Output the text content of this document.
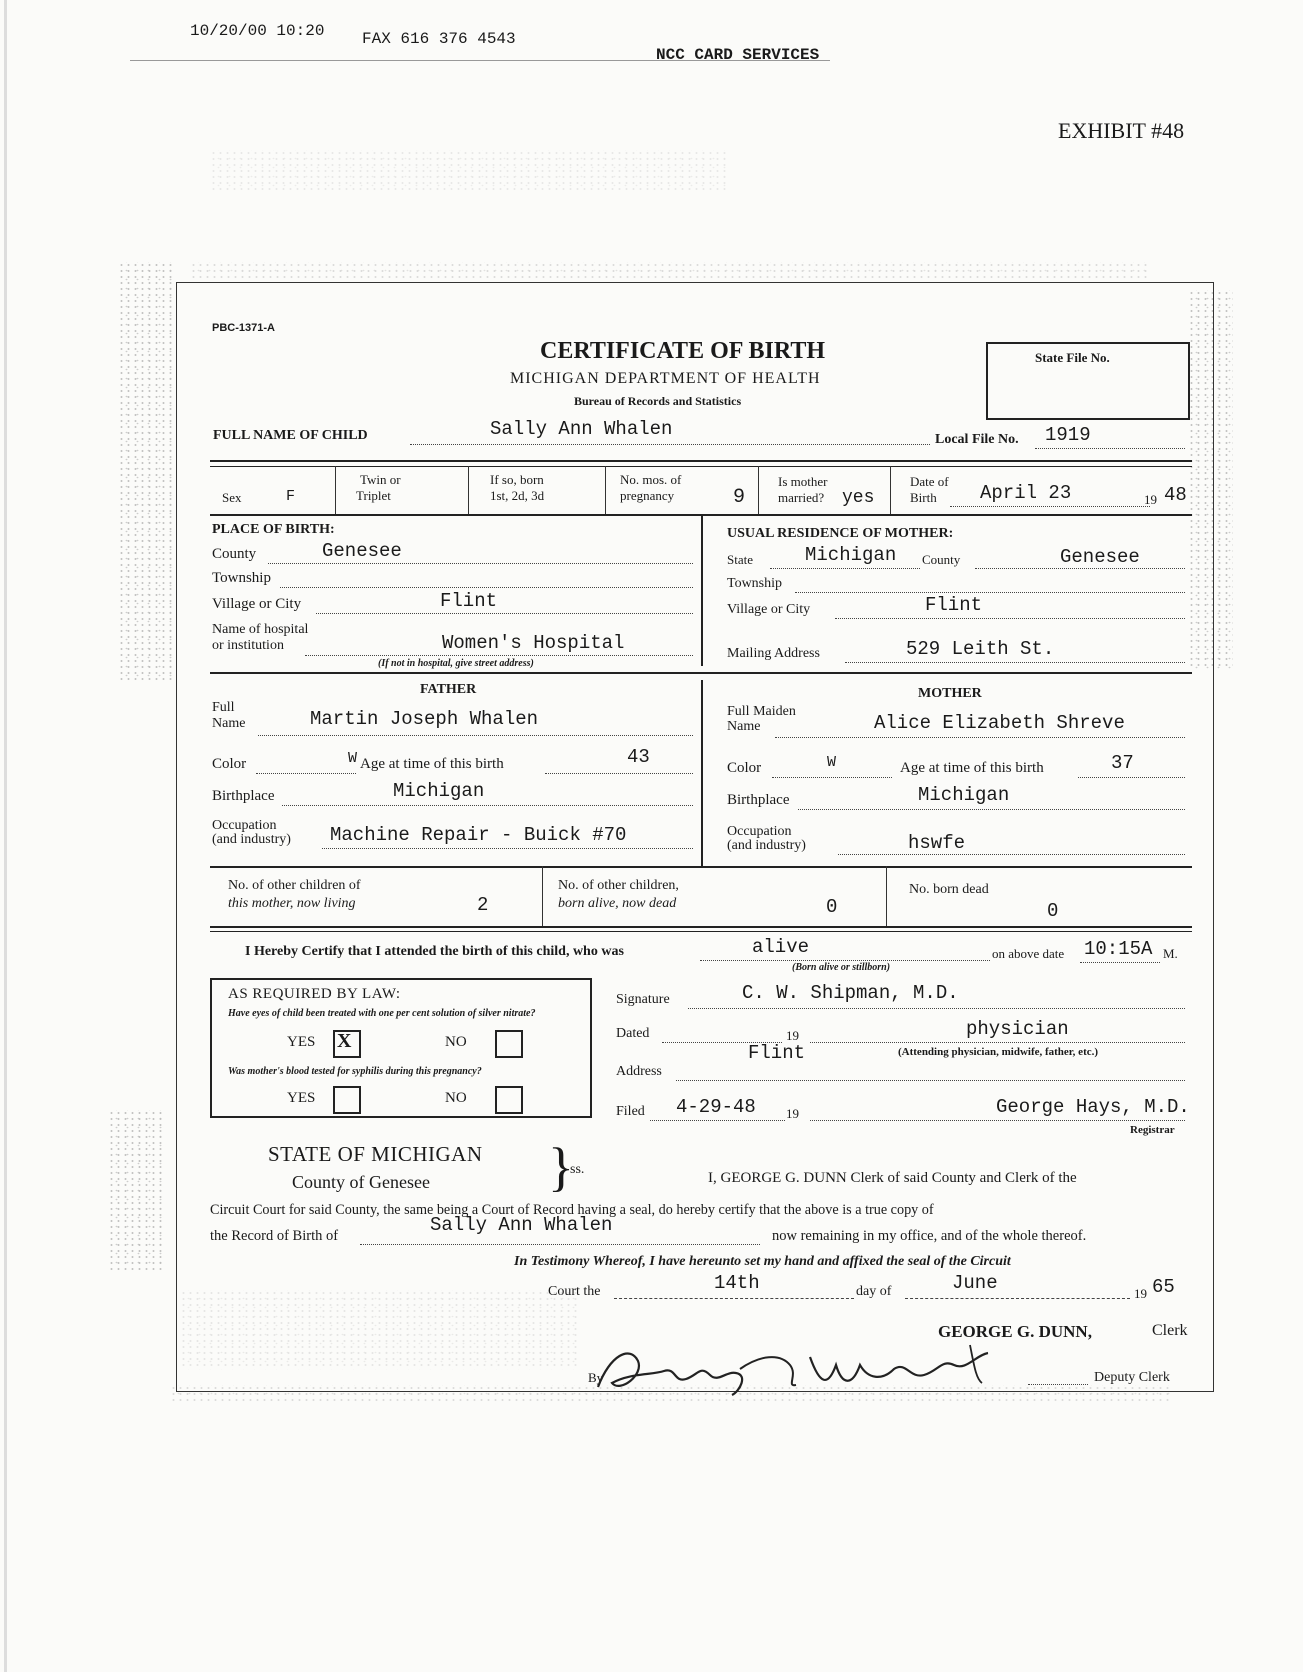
10/20/00 10:20 FAX 616 376 4543
NCC CARD SERVICES
EXHIBIT #48
PBC-1371-A
CERTIFICATE OF BIRTH
MICHIGAN DEPARTMENT OF HEALTH
Bureau of Records and Statistics
State File No.
FULL NAME OF CHILD	Sally Ann Whalen	Local File No. 1919
Sex	F
Twin or
Triplet
If so, born
1st, 2d, 3d
No. mos. of
pregnancy	9
Is mother
married? yes
Date of
Birth April 23	19 48
PLACE OF BIRTH:
County	Genesee
Township
Village or City	Flint
Name of hospital
or institution	Women's Hospital
(If not in hospital, give street address)
USUAL RESIDENCE OF MOTHER:
State	Michigan County	Genesee
Township
Village or City	Flint
Mailing Address	529 Leith St.
FATHER
Full
Name	Martin Joseph Whalen
Color	W Age at time of this birth	43
Birthplace	Michigan
Occupation
(and industry) Machine Repair - Buick #70
MOTHER
Full Maiden
Name	Alice Elizabeth Shreve
Color	W	Age at time of this birth	37
Birthplace	Michigan
Occupation
(and industry)	hswfe
No. of other children of
this mother, now living	2
No. of other children,
born alive, now dead	0
No. born dead
0
I Hereby Certify that I attended the birth of this child, who was	alive
(Born alive or stillborn)
on above date 10:15A M.
AS REQUIRED BY LAW:
Have eyes of child been treated with one per cent solution of silver nitrate?
YES X	NO
Was mother's blood tested for syphilis during this pregnancy?
YES	NO
Signature	C. W. Shipman, M.D.
Dated	19	physician
(Attending physician, midwife, father, etc.)
Flint
Address
Filed 4-29-48 19	George Hays, M.D.
Registrar
STATE OF MICHIGAN
County of Genesee }
ss.
I, GEORGE G. DUNN Clerk of said County and Clerk of the
Circuit Court for said County, the same being a Court of Record having a seal, do hereby certify that the above is a true copy of
the Record of Birth of	Sally Ann Whalen	now remaining in my office, and of the whole thereof.
In Testimony Whereof, I have hereunto set my hand and affixed the seal of the Circuit
Court the	14th	day of	June	19 65
GEORGE G. DUNN,	Clerk
By	Deputy Clerk
